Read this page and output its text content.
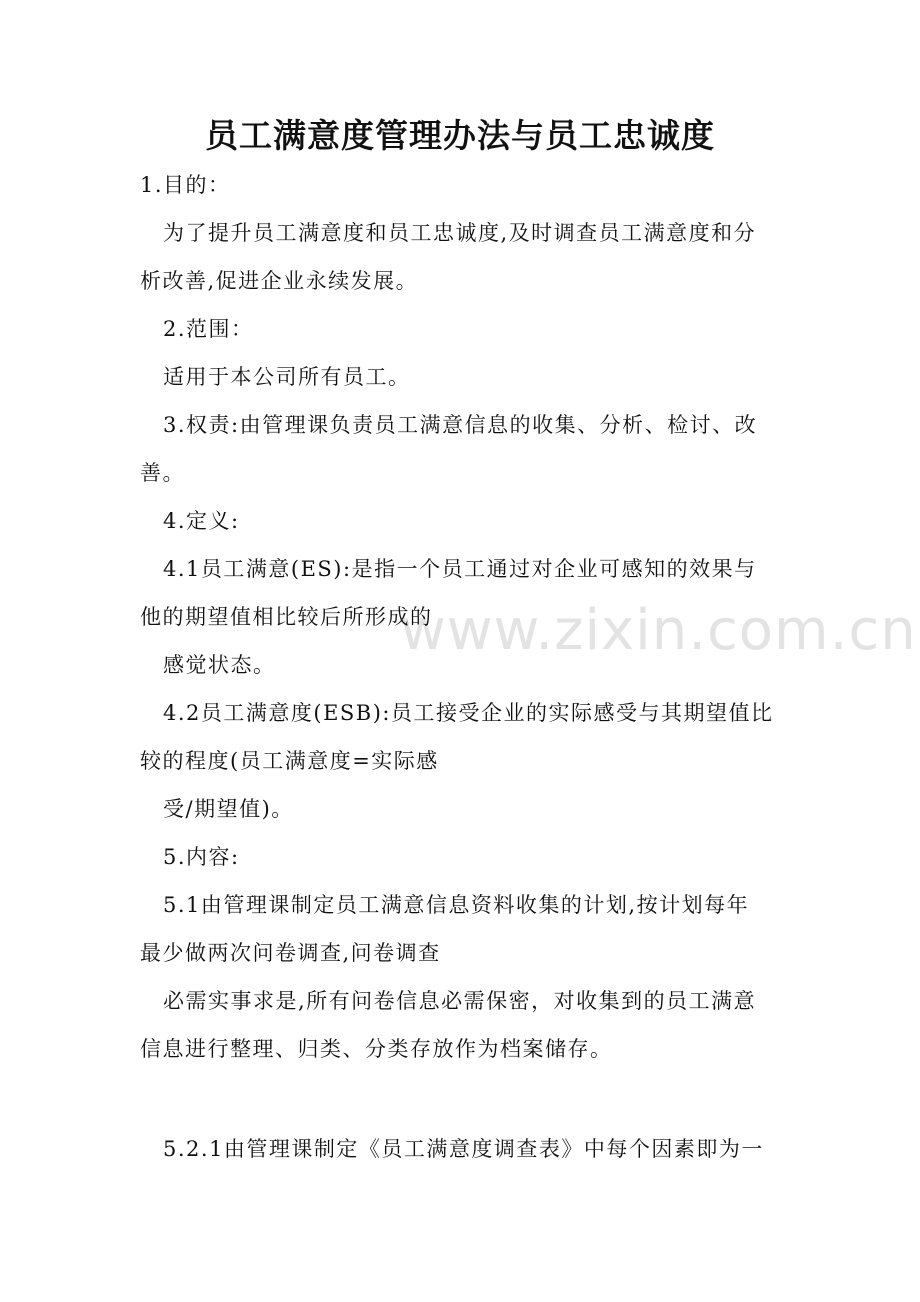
www.zixin.com.cn
员工满意度管理办法与员工忠诚度

1.目的：

为了提升员工满意度和员工忠诚度,及时调查员工满意度和分

析改善,促进企业永续发展。

2.范围：

适用于本公司所有员工。

3.权责:由管理课负责员工满意信息的收集、分析、检讨、改

善。

4.定义:

4.1员工满意(ES):是指一个员工通过对企业可感知的效果与

他的期望值相比较后所形成的

感觉状态。

4.2员工满意度(ESB):员工接受企业的实际感受与其期望值比

较的程度(员工满意度=实际感

受/期望值)。

5.内容:

5.1由管理课制定员工满意信息资料收集的计划,按计划每年

最少做两次问卷调查,问卷调查

必需实事求是,所有问卷信息必需保密，对收集到的员工满意

信息进行整理、归类、分类存放作为档案储存。

5.2.1由管理课制定《员工满意度调查表》中每个因素即为一
